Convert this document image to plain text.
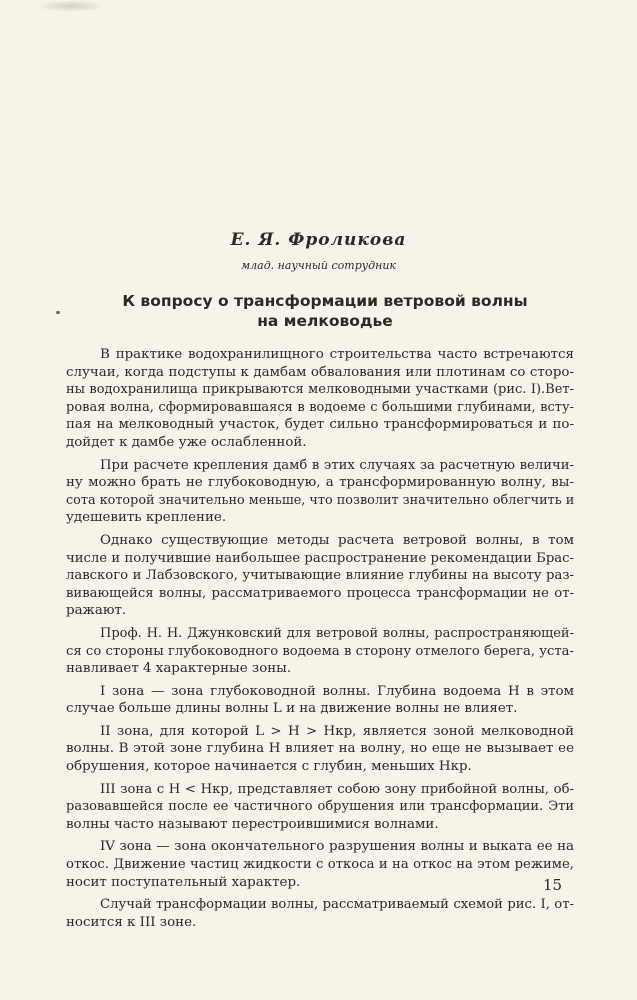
Е. Я. Фроликова
млад. научный сотрудник
К вопросу о трансформации ветровой волны
на мелководье
В практике водохранилищного строительства часто встречаются
случаи, когда подступы к дамбам обвалования или плотинам со сторо-
ны водохранилища прикрываются мелководными участками (рис. I).Вет-
ровая волна, сформировавшаяся в водоеме с большими глубинами, всту-
пая на мелководный участок, будет сильно трансформироваться и по-
дойдет к дамбе уже ослабленной.
При расчете крепления дамб в этих случаях за расчетную величи-
ну можно брать не глубоководную, а трансформированную волну, вы-
сота которой значительно меньше, что позволит значительно облегчить и
удешевить крепление.
Однако существующие методы расчета ветровой волны, в том
числе и получившие наибольшее распространение рекомендации Брас-
лавского и Лабзовского, учитывающие влияние глубины на высоту раз-
вивающейся волны, рассматриваемого процесса трансформации не от-
ражают.
Проф. Н. Н. Джунковский для ветровой волны, распространяющей-
ся со стороны глубоководного водоема в сторону отмелого берега, уста-
навливает 4 характерные зоны.
I зона — зона глубоководной волны. Глубина водоема Н в этом
случае больше длины волны L и на движение волны не влияет.
II зона, для которой L > Н > Hкр, является зоной мелководной
волны. В этой зоне глубина Н влияет на волну, но еще не вызывает ее
обрушения, которое начинается с глубин, меньших Hкр.
III зона с Н < Hкр, представляет собою зону прибойной волны, об-
разовавшейся после ее частичного обрушения или трансформации. Эти
волны часто называют перестроившимися волнами.
IV зона — зона окончательного разрушения волны и выката ее на
откос. Движение частиц жидкости с откоса и на откос на этом режиме,
носит поступательный характер.
Случай трансформации волны, рассматриваемый схемой рис. I, от-
носится к III зоне.
15
